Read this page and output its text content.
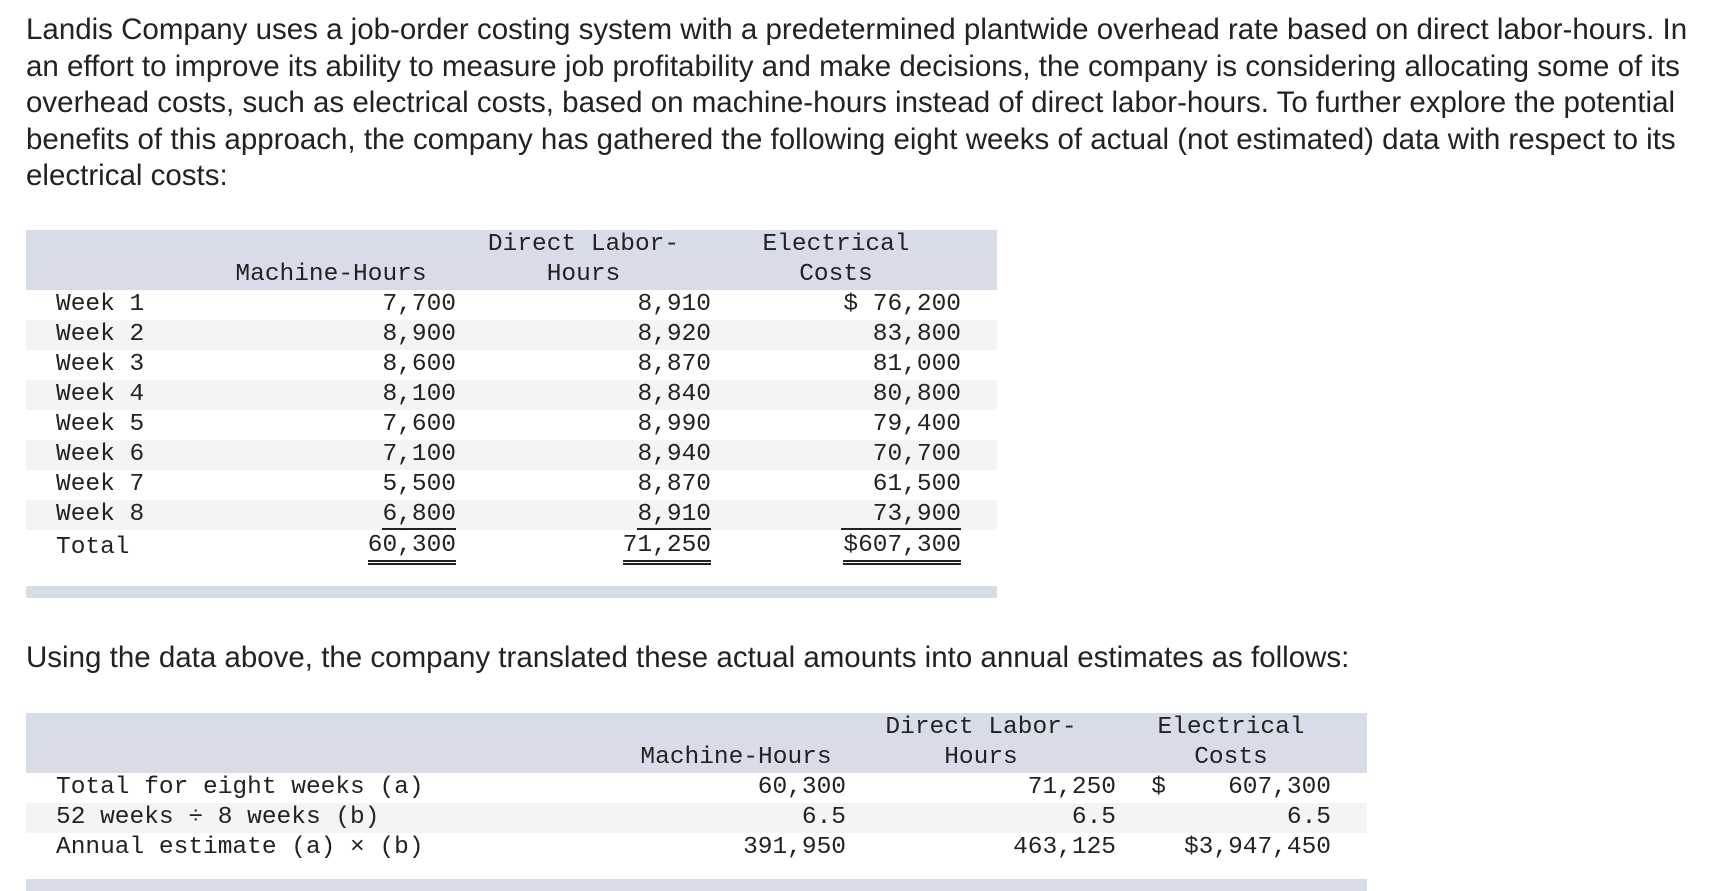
Landis Company uses a job-order costing system with a predetermined plantwide overhead rate based on direct labor-hours. In an effort to improve its ability to measure job profitability and make decisions, the company is considering allocating some of its overhead costs, such as electrical costs, based on machine-hours instead of direct labor-hours. To further explore the potential benefits of this approach, the company has gathered the following eight weeks of actual (not estimated) data with respect to its electrical costs:

		Direct Labor-	Electrical	
	Machine-Hours	Hours	Costs	
Week 1	7,700	8,910	$ 76,200	
Week 2	8,900	8,920	83,800	
Week 3	8,600	8,870	81,000	
Week 4	8,100	8,840	80,800	
Week 5	7,600	8,990	79,400	
Week 6	7,100	8,940	70,700	
Week 7	5,500	8,870	61,500	
Week 8	6,800	8,910	73,900	
Total	60,300	71,250	$607,300	

Using the data above, the company translated these actual amounts into annual estimates as follows:

		Direct Labor-	Electrical	
	Machine-Hours	Hours	Costs	
Total for eight weeks (a)	60,300	71,250	$ 607,300	
52 weeks ÷ 8 weeks (b)	6.5	6.5	6.5	
Annual estimate (a) × (b)	391,950	463,125	$3,947,450	
